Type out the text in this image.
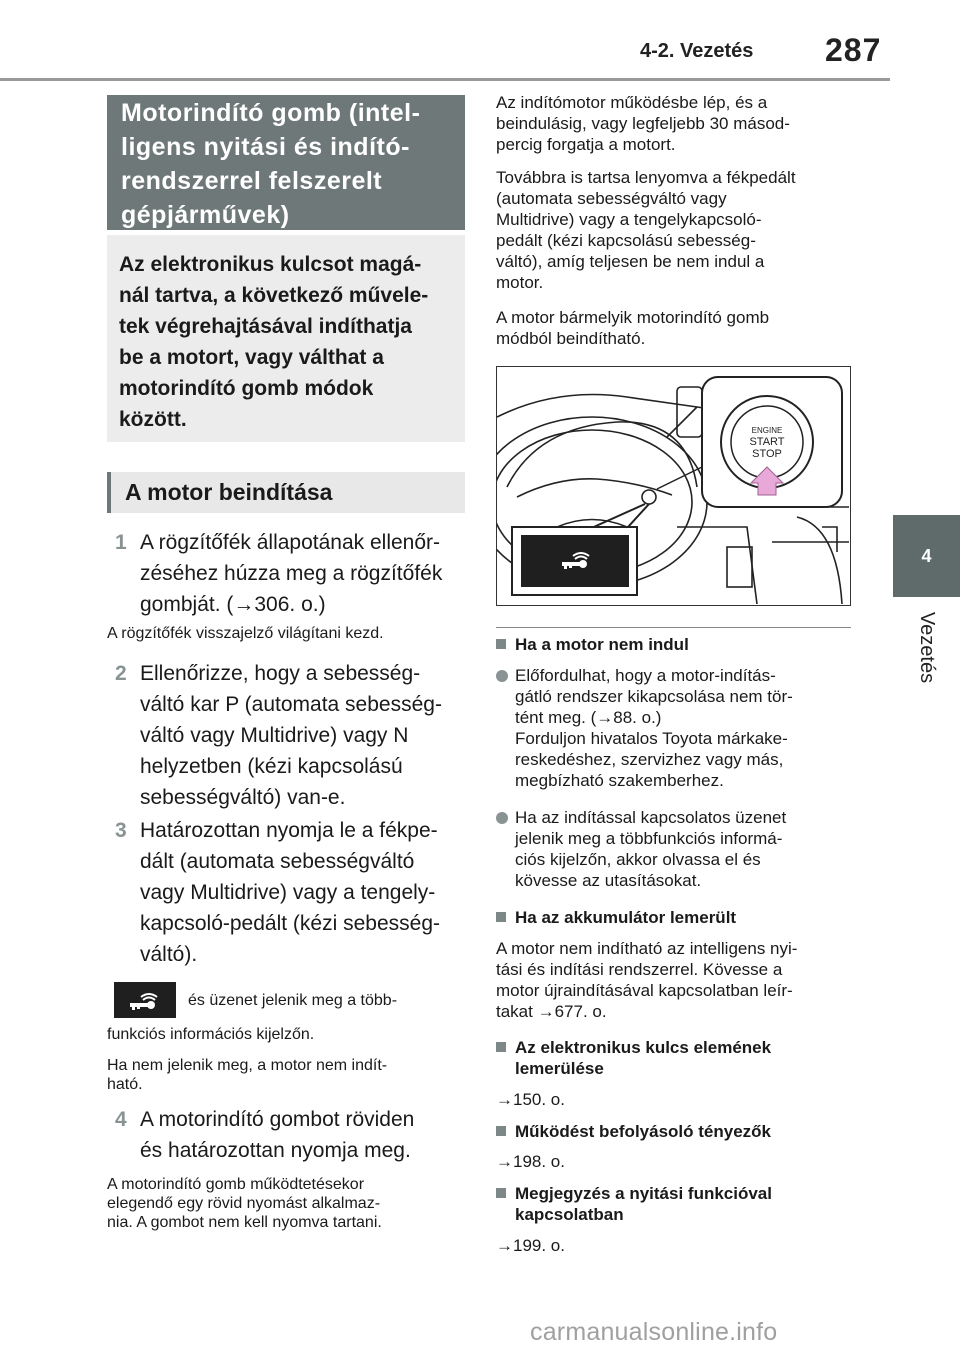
4-2. Vezetés 287
4
Vezetés
Motorindító gomb (intel-
ligens nyitási és indító-
rendszerrel felszerelt
gépjárművek)
Az elektronikus kulcsot magá-
nál tartva, a következő művele-
tek végrehajtásával indíthatja
be a motort, vagy válthat a
motorindító gomb módok
között.
A motor beindítása
1 A rögzítőfék állapotának ellenőr-
zéséhez húzza meg a rögzítőfék
gombját. (→306. o.)
A rögzítőfék visszajelző világítani kezd.
2 Ellenőrizze, hogy a sebesség-
váltó kar P (automata sebesség-
váltó vagy Multidrive) vagy N
helyzetben (kézi kapcsolású
sebességváltó) van-e.
3 Határozottan nyomja le a fékpe-
dált (automata sebességváltó
vagy Multidrive) vagy a tengely-
kapcsoló-pedált (kézi sebesség-
váltó).
és üzenet jelenik meg a több-
funkciós információs kijelzőn.
Ha nem jelenik meg, a motor nem indít-
ható.
4 A motorindító gombot röviden
és határozottan nyomja meg.
A motorindító gomb működtetésekor
elegendő egy rövid nyomást alkalmaz-
nia. A gombot nem kell nyomva tartani.
Az indítómotor működésbe lép, és a
beindulásig, vagy legfeljebb 30 másod-
percig forgatja a motort.
Továbbra is tartsa lenyomva a fékpedált
(automata sebességváltó vagy
Multidrive) vagy a tengelykapcsoló-
pedált (kézi kapcsolású sebesség-
váltó), amíg teljesen be nem indul a
motor.
A motor bármelyik motorindító gomb
módból beindítható.
ENGINE
START
STOP
Ha a motor nem indul
Előfordulhat, hogy a motor-indítás-
gátló rendszer kikapcsolása nem tör-
tént meg. (→88. o.)
Forduljon hivatalos Toyota márkake-
reskedéshez, szervizhez vagy más,
megbízható szakemberhez.
Ha az indítással kapcsolatos üzenet
jelenik meg a többfunkciós informá-
ciós kijelzőn, akkor olvassa el és
kövesse az utasításokat.
Ha az akkumulátor lemerült
A motor nem indítható az intelligens nyi-
tási és indítási rendszerrel. Kövesse a
motor újraindításával kapcsolatban leír-
takat →677. o.
Az elektronikus kulcs elemének
lemerülése
→150. o.
Működést befolyásoló tényezők
→198. o.
Megjegyzés a nyitási funkcióval
kapcsolatban
→199. o.
carmanualsonline.info
